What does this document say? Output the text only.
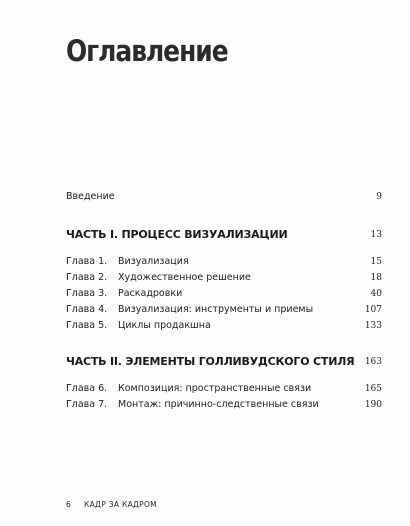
Оглавление
Введение	9
ЧАСТЬ I. ПРОЦЕСС ВИЗУАЛИЗАЦИИ	13
Глава 1. Визуализация	15
Глава 2. Художественное решение	18
Глава 3. Раскадровки	40
Глава 4. Визуализация: инструменты и приемы	107
Глава 5. Циклы продакшна	133
ЧАСТЬ II. ЭЛЕМЕНТЫ ГОЛЛИВУДСКОГО СТИЛЯ 163
Глава 6. Композиция: пространственные связи	165
Глава 7. Монтаж: причинно-следственные связи	190
6 КАДР ЗА КАДРОМ
